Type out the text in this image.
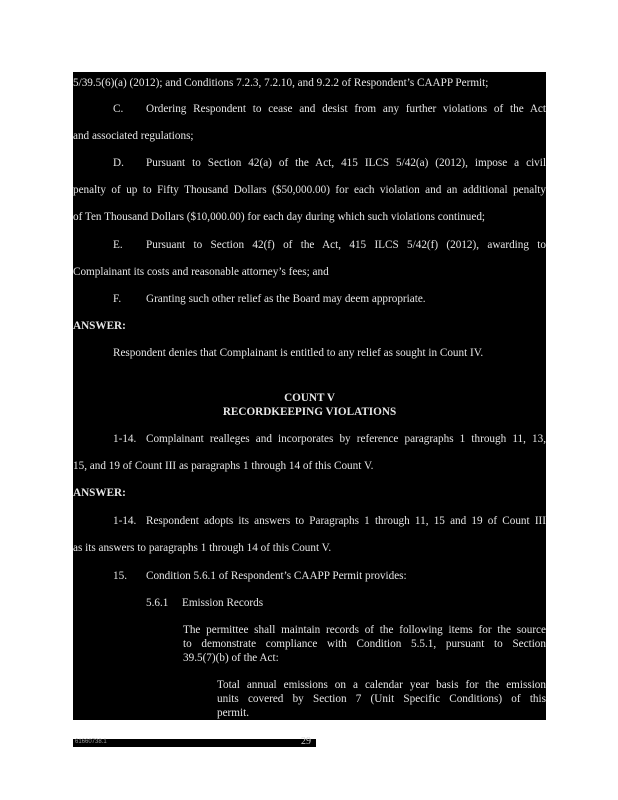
5/39.5(6)(a) (2012); and Conditions 7.2.3, 7.2.10, and 9.2.2 of Respondent’s CAAPP Permit;
C. Ordering Respondent to cease and desist from any further violations of the Act
and associated regulations;
D. Pursuant to Section 42(a) of the Act, 415 ILCS 5/42(a) (2012), impose a civil
penalty of up to Fifty Thousand Dollars ($50,000.00) for each violation and an additional penalty
of Ten Thousand Dollars ($10,000.00) for each day during which such violations continued;
E. Pursuant to Section 42(f) of the Act, 415 ILCS 5/42(f) (2012), awarding to
Complainant its costs and reasonable attorney’s fees; and
F. Granting such other relief as the Board may deem appropriate.
ANSWER:
Respondent denies that Complainant is entitled to any relief as sought in Count IV.
COUNT V
RECORDKEEPING VIOLATIONS
1-14. Complainant realleges and incorporates by reference paragraphs 1 through 11, 13,
15, and 19 of Count III as paragraphs 1 through 14 of this Count V.
ANSWER:
1-14. Respondent adopts its answers to Paragraphs 1 through 11, 15 and 19 of Count III
as its answers to paragraphs 1 through 14 of this Count V.
15. Condition 5.6.1 of Respondent’s CAAPP Permit provides:
5.6.1 Emission Records
The permittee shall maintain records of the following items for the source
to demonstrate compliance with Condition 5.5.1, pursuant to Section
39.5(7)(b) of the Act:
Total annual emissions on a calendar year basis for the emission
units covered by Section 7 (Unit Specific Conditions) of this
permit.
61660738.1	29
